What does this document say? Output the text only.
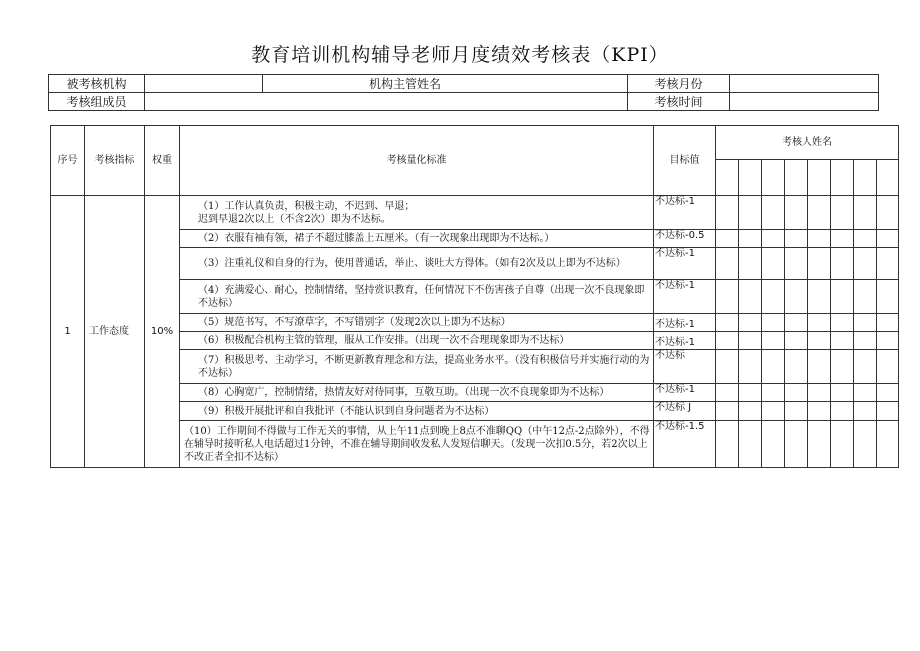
教育培训机构辅导老师月度绩效考核表（KPI）
被考核机构		机构主管姓名	考核月份	
考核组成员			考核时间	
序号	考核指标	权重	考核量化标准	目标值	考核人姓名							

1	工作态度	10%	（1）工作认真负责，积极主动，不迟到、早退；
迟到早退2次以上（不含2次）即为不达标。	不达标-1								
			（2）衣服有袖有领，裙子不超过膝盖上五厘米。（有一次现象出现即为不达标。）	不达标-0.5								
			（3）注重礼仪和自身的行为，使用普通话，举止、谈吐大方得体。（如有2次及以上即为不达标）	不达标-1								
			（4）充满爱心、耐心，控制情绪，坚持赏识教育，任何情况下不伤害孩子自尊（出现一次不良现象即不达标）	不达标-1								
			（5）规范书写，不写潦草字，不写错别字（发现2次以上即为不达标）	不达标-1								
			（6）积极配合机构主管的管理，服从工作安排。（出现一次不合理现象即为不达标）	不达标-1								
			（7）积极思考、主动学习，不断更新教育理念和方法，提高业务水平。（没有积极信号并实施行动的为不达标）	不达标								
			（8）心胸宽广，控制情绪，热情友好对待同事，互敬互助。（出现一次不良现象即为不达标）	不达标-1								
			（9）积极开展批评和自我批评（不能认识到自身问题者为不达标）	不达标 J								
			（10）工作期间不得做与工作无关的事情，从上午11点到晚上8点不准聊QQ（中午12点-2点除外），不得在辅导时接听私人电话超过1分钟，不准在辅导期间收发私人发短信聊天。（发现一次扣0.5分，若2次以上不改正者全扣不达标）	不达标-1.5								
